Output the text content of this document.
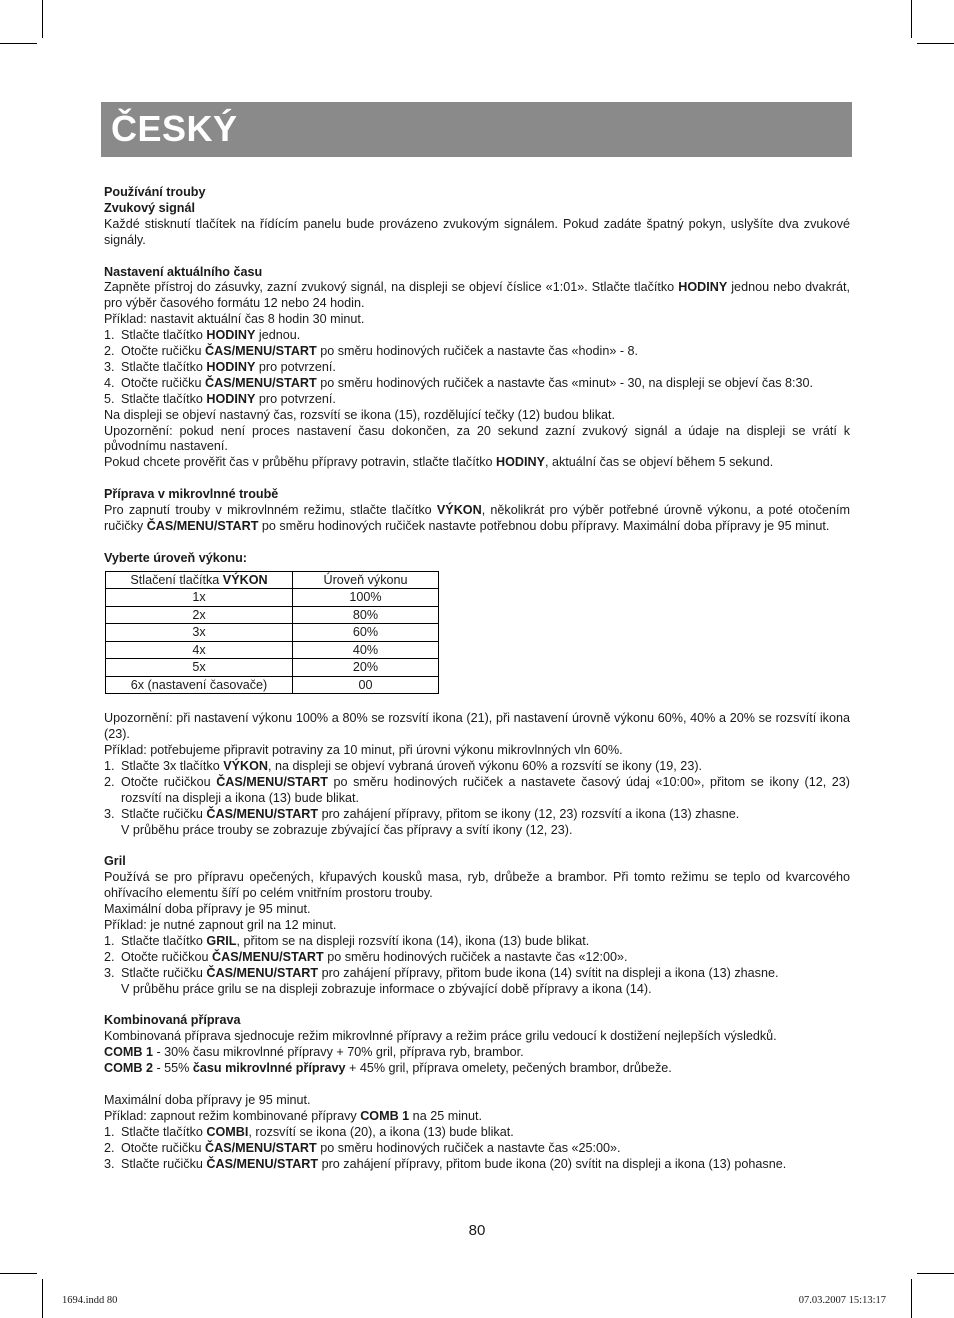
ČESKÝ

Používání trouby

Zvukový signál

Každé stisknutí tlačítek na řídícím panelu bude provázeno zvukovým signálem. Pokud zadáte špatný pokyn, uslyšíte dva zvukové signály.

Nastavení aktuálního času

Zapněte přístroj do zásuvky, zazní zvukový signál, na displeji se objeví číslice «1:01». Stlačte tlačítko HODINY jednou nebo dvakrát, pro výběr časového formátu 12 nebo 24 hodin.

Příklad: nastavit aktuální čas 8 hodin 30 minut.

1. Stlačte tlačítko HODINY jednou.
2. Otočte ručičku ČAS/MENU/START po směru hodinových ručiček a nastavte čas «hodin» - 8.
3. Stlačte tlačítko HODINY pro potvrzení.
4. Otočte ručičku ČAS/MENU/START po směru hodinových ručiček a nastavte čas «minut» - 30, na displeji se objeví čas 8:30.
5. Stlačte tlačítko HODINY pro potvrzení.

Na displeji se objeví nastavný čas, rozsvítí se ikona (15), rozdělující tečky (12) budou blikat.

Upozornění: pokud není proces nastavení času dokončen, za 20 sekund zazní zvukový signál a údaje na displeji se vrátí k původnímu nastavení.

Pokud chcete prověřit čas v průběhu přípravy potravin, stlačte tlačítko HODINY, aktuální čas se objeví během 5 sekund.

Příprava v mikrovlnné troubě

Pro zapnutí trouby v mikrovlnném režimu, stlačte tlačítko VÝKON, několikrát pro výběr potřebné úrovně výkonu, a poté otočením ručičky ČAS/MENU/START po směru hodinových ručiček nastavte potřebnou dobu přípravy. Maximální doba přípravy je 95 minut.

Vyberte úroveň výkonu:

Stlačení tlačítka VÝKON	Úroveň výkonu
1x	100%
2x	80%
3x	60%
4x	40%
5x	20%
6x (nastavení časovače)	00

Upozornění: při nastavení výkonu 100% a 80% se rozsvítí ikona (21), při nastavení úrovně výkonu 60%, 40% a 20% se rozsvítí ikona (23).

Příklad: potřebujeme připravit potraviny za 10 minut, při úrovni výkonu mikrovlnných vln 60%.

1. Stlačte 3x tlačítko VÝKON, na displeji se objeví vybraná úroveň výkonu 60% a rozsvítí se ikony (19, 23).
2. Otočte ručičkou ČAS/MENU/START po směru hodinových ručiček a nastavete časový údaj «10:00», přitom se ikony (12, 23) rozsvítí na displeji a ikona (13) bude blikat.
3. Stlačte ručičku ČAS/MENU/START pro zahájení přípravy, přitom se ikony (12, 23) rozsvítí a ikona (13) zhasne.

V průběhu práce trouby se zobrazuje zbývající čas přípravy a svítí ikony (12, 23).

Gril

Používá se pro přípravu opečených, křupavých kousků masa, ryb, drůbeže a brambor. Při tomto režimu se teplo od kvarcového ohřívacího elementu šíří po celém vnitřním prostoru trouby.

Maximální doba přípravy je 95 minut.

Příklad: je nutné zapnout gril na 12 minut.

1. Stlačte tlačítko GRIL, přitom se na displeji rozsvítí ikona (14), ikona (13) bude blikat.
2. Otočte ručičkou ČAS/MENU/START po směru hodinových ručiček a nastavte čas «12:00».
3. Stlačte ručičku ČAS/MENU/START pro zahájení přípravy, přitom bude ikona (14) svítit na displeji a ikona (13) zhasne.

V průběhu práce grilu se na displeji zobrazuje informace o zbývající době přípravy a ikona (14).

Kombinovaná příprava

Kombinovaná příprava sjednocuje režim mikrovlnné přípravy a režim práce grilu vedoucí k dostižení nejlepších výsledků.

COMB 1 - 30% času mikrovlnné přípravy + 70% gril, příprava ryb, brambor.

COMB 2 - 55% času mikrovlnné přípravy + 45% gril, příprava omelety, pečených brambor, drůbeže.

Maximální doba přípravy je 95 minut.

Příklad: zapnout režim kombinované přípravy COMB 1 na 25 minut.

1. Stlačte tlačítko COMBI, rozsvítí se ikona (20), a ikona (13) bude blikat.
2. Otočte ručičku ČAS/MENU/START po směru hodinových ručiček a nastavte čas «25:00».
3. Stlačte ručičku ČAS/MENU/START pro zahájení přípravy, přitom bude ikona (20) svítit na displeji a ikona (13) pohasne.
80
1694.indd 80	07.03.2007 15:13:17
